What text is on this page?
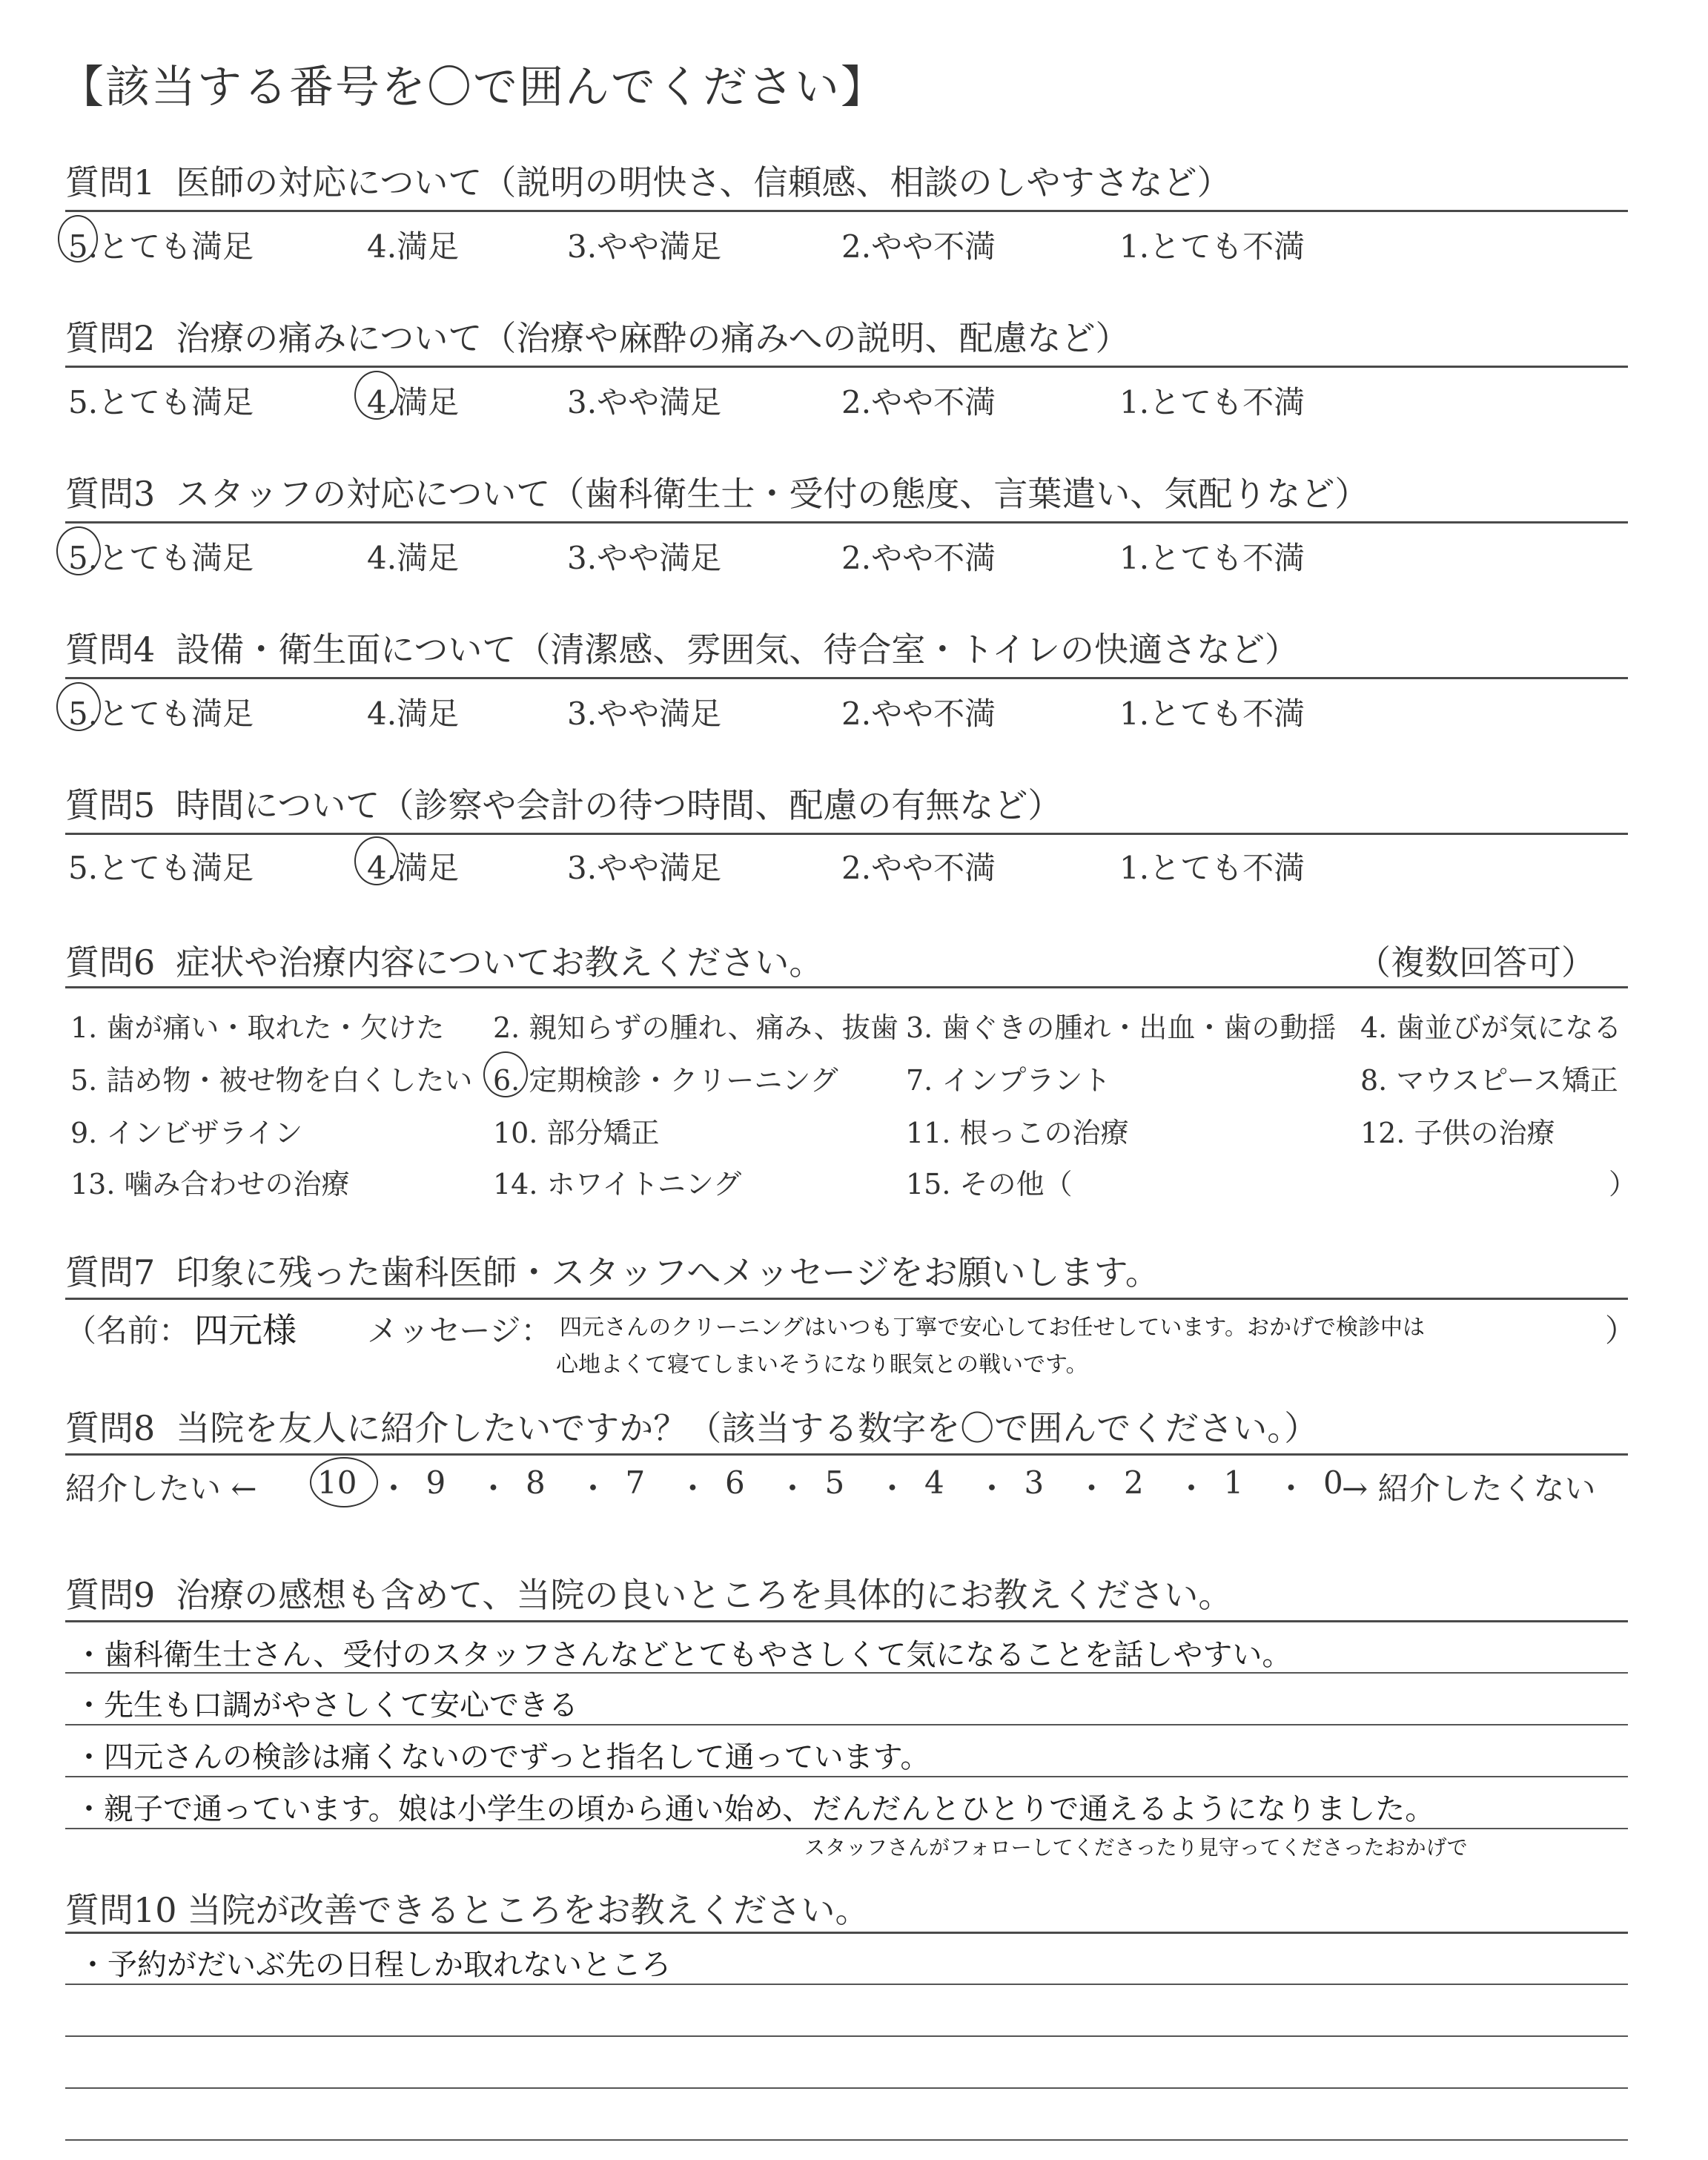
【該当する番号を〇で囲んでください】
質問1 医師の対応について（説明の明快さ、信頼感、相談のしやすさなど）
5.とても満足	4.満足	3.やや満足	2.やや不満	1.とても不満
質問2 治療の痛みについて（治療や麻酔の痛みへの説明、配慮など）
5.とても満足	4.満足	3.やや満足	2.やや不満	1.とても不満
質問3 スタッフの対応について（歯科衛生士・受付の態度、言葉遣い、気配りなど）
5.とても満足	4.満足	3.やや満足	2.やや不満	1.とても不満
質問4 設備・衛生面について（清潔感、雰囲気、待合室・トイレの快適さなど）
5.とても満足	4.満足	3.やや満足	2.やや不満	1.とても不満
質問5 時間について（診察や会計の待つ時間、配慮の有無など）
5.とても満足	4.満足	3.やや満足	2.やや不満	1.とても不満
質問6 症状や治療内容についてお教えください。	（複数回答可）
1. 歯が痛い・取れた・欠けた 2. 親知らずの腫れ、痛み、抜歯 3. 歯ぐきの腫れ・出血・歯の動揺 4. 歯並びが気になる
5. 詰め物・被せ物を白くしたい 6. 定期検診・クリーニング 7. インプラント	8. マウスピース矯正
9. インビザライン	10. 部分矯正	11. 根っこの治療	12. 子供の治療
13. 噛み合わせの治療	14. ホワイトニング	15. その他（	）
質問7 印象に残った歯科医師・スタッフへメッセージをお願いします。
（名前： 四元様 メッセージ： 四元さんのクリーニングはいつも丁寧で安心してお任せしています。おかげで検診中は
心地よくて寝てしまいそうになり眠気との戦いです。
）
質問8 当院を友人に紹介したいですか？（該当する数字を〇で囲んでください。）
紹介したい ← 10 ・ 9 ・ 8 ・ 7 ・ 6 ・ 5 ・ 4 ・ 3 ・ 2 ・ 1 ・ 0
→ 紹介したくない
質問9 治療の感想も含めて、当院の良いところを具体的にお教えください。
・歯科衛生士さん、受付のスタッフさんなどとてもやさしくて気になることを話しやすい。
・先生も口調がやさしくて安心できる
・四元さんの検診は痛くないのでずっと指名して通っています。
・親子で通っています。娘は小学生の頃から通い始め、だんだんとひとりで通えるようになりました。
スタッフさんがフォローしてくださったり見守ってくださったおかげで
質問10 当院が改善できるところをお教えください。
・予約がだいぶ先の日程しか取れないところ
